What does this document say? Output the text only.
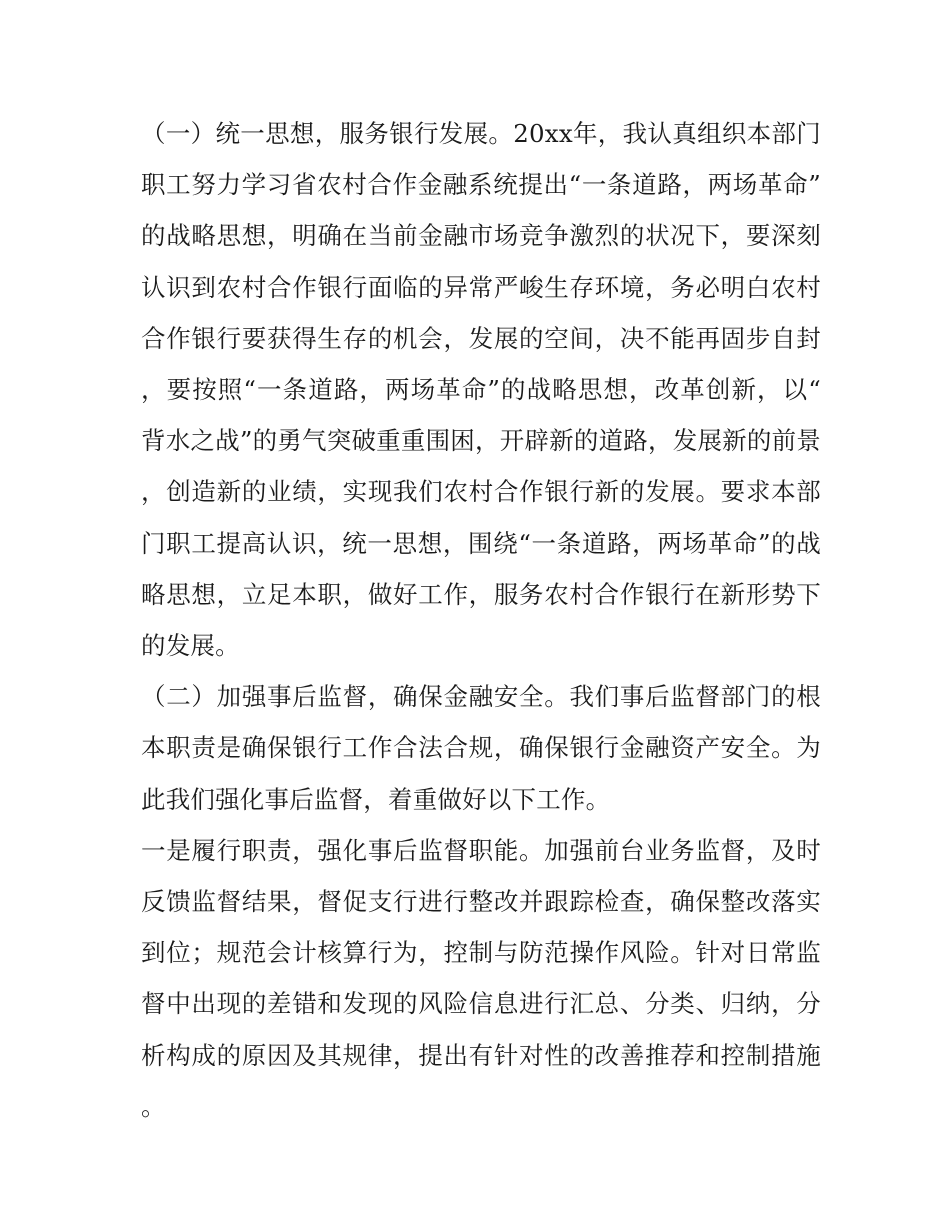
（一）统一思想，服务银行发展。20xx年，我认真组织本部门职工努力学习省农村合作金融系统提出“一条道路，两场革命”的战略思想，明确在当前金融市场竞争激烈的状况下，要深刻认识到农村合作银行面临的异常严峻生存环境，务必明白农村合作银行要获得生存的机会，发展的空间，决不能再固步自封，要按照“一条道路，两场革命”的战略思想，改革创新，以“背水之战”的勇气突破重重围困，开辟新的道路，发展新的前景，创造新的业绩，实现我们农村合作银行新的发展。要求本部门职工提高认识，统一思想，围绕“一条道路，两场革命”的战略思想，立足本职，做好工作，服务农村合作银行在新形势下的发展。

（二）加强事后监督，确保金融安全。我们事后监督部门的根本职责是确保银行工作合法合规，确保银行金融资产安全。为此我们强化事后监督，着重做好以下工作。

一是履行职责，强化事后监督职能。加强前台业务监督，及时反馈监督结果，督促支行进行整改并跟踪检查，确保整改落实到位；规范会计核算行为，控制与防范操作风险。针对日常监督中出现的差错和发现的风险信息进行汇总、分类、归纳，分析构成的原因及其规律，提出有针对性的改善推荐和控制措施。
